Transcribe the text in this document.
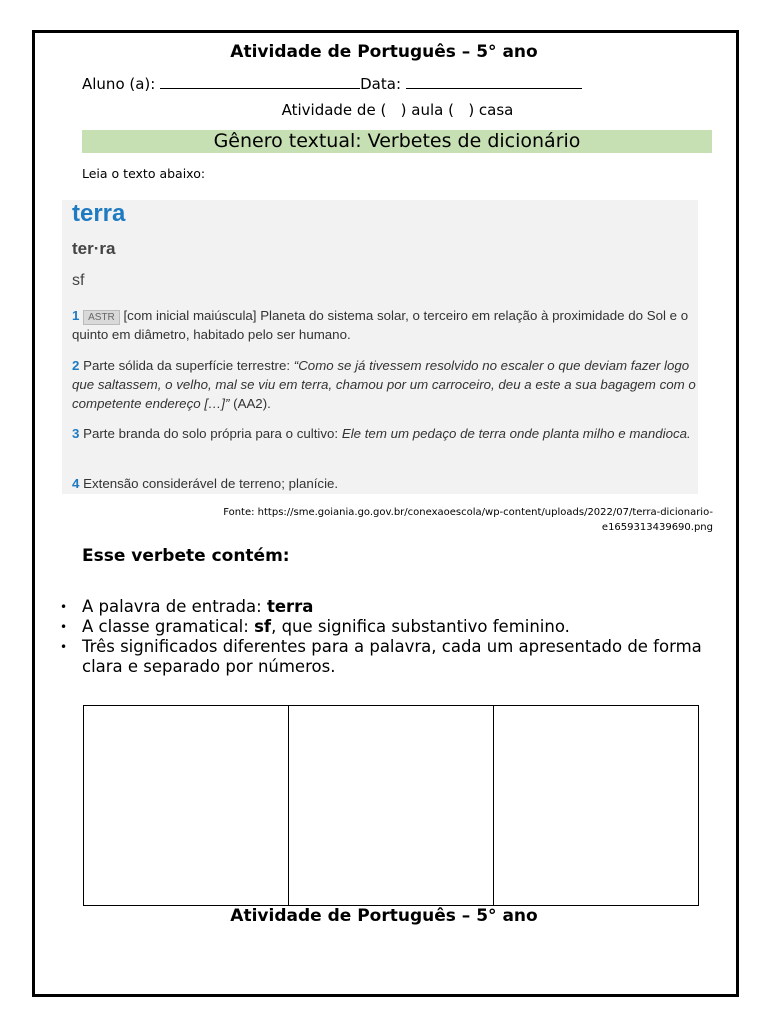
Atividade de Português – 5° ano
Aluno (a):	Data:
Atividade de ( ) aula ( ) casa
Gênero textual: Verbetes de dicionário
Leia o texto abaixo:
terra
ter·ra
sf
1 ASTR [com inicial maiúscula] Planeta do sistema solar, o terceiro em relação à proximidade do Sol e o quinto em diâmetro, habitado pelo ser humano.
2 Parte sólida da superfície terrestre: “Como se já tivessem resolvido no escaler o que deviam fazer logo que saltassem, o velho, mal se viu em terra, chamou por um carroceiro, deu a este a sua bagagem com o competente endereço […]” (AA2).
3 Parte branda do solo própria para o cultivo: Ele tem um pedaço de terra onde planta milho e mandioca.
4 Extensão considerável de terreno; planície.
Fonte: https://sme.goiania.go.gov.br/conexaoescola/wp-content/uploads/2022/07/terra-dicionario-
e1659313439690.png
Esse verbete contém:
• A palavra de entrada: terra
• A classe gramatical: sf, que significa substantivo feminino.
• Três significados diferentes para a palavra, cada um apresentado de forma clara e separado por números.
Atividade de Português – 5° ano
